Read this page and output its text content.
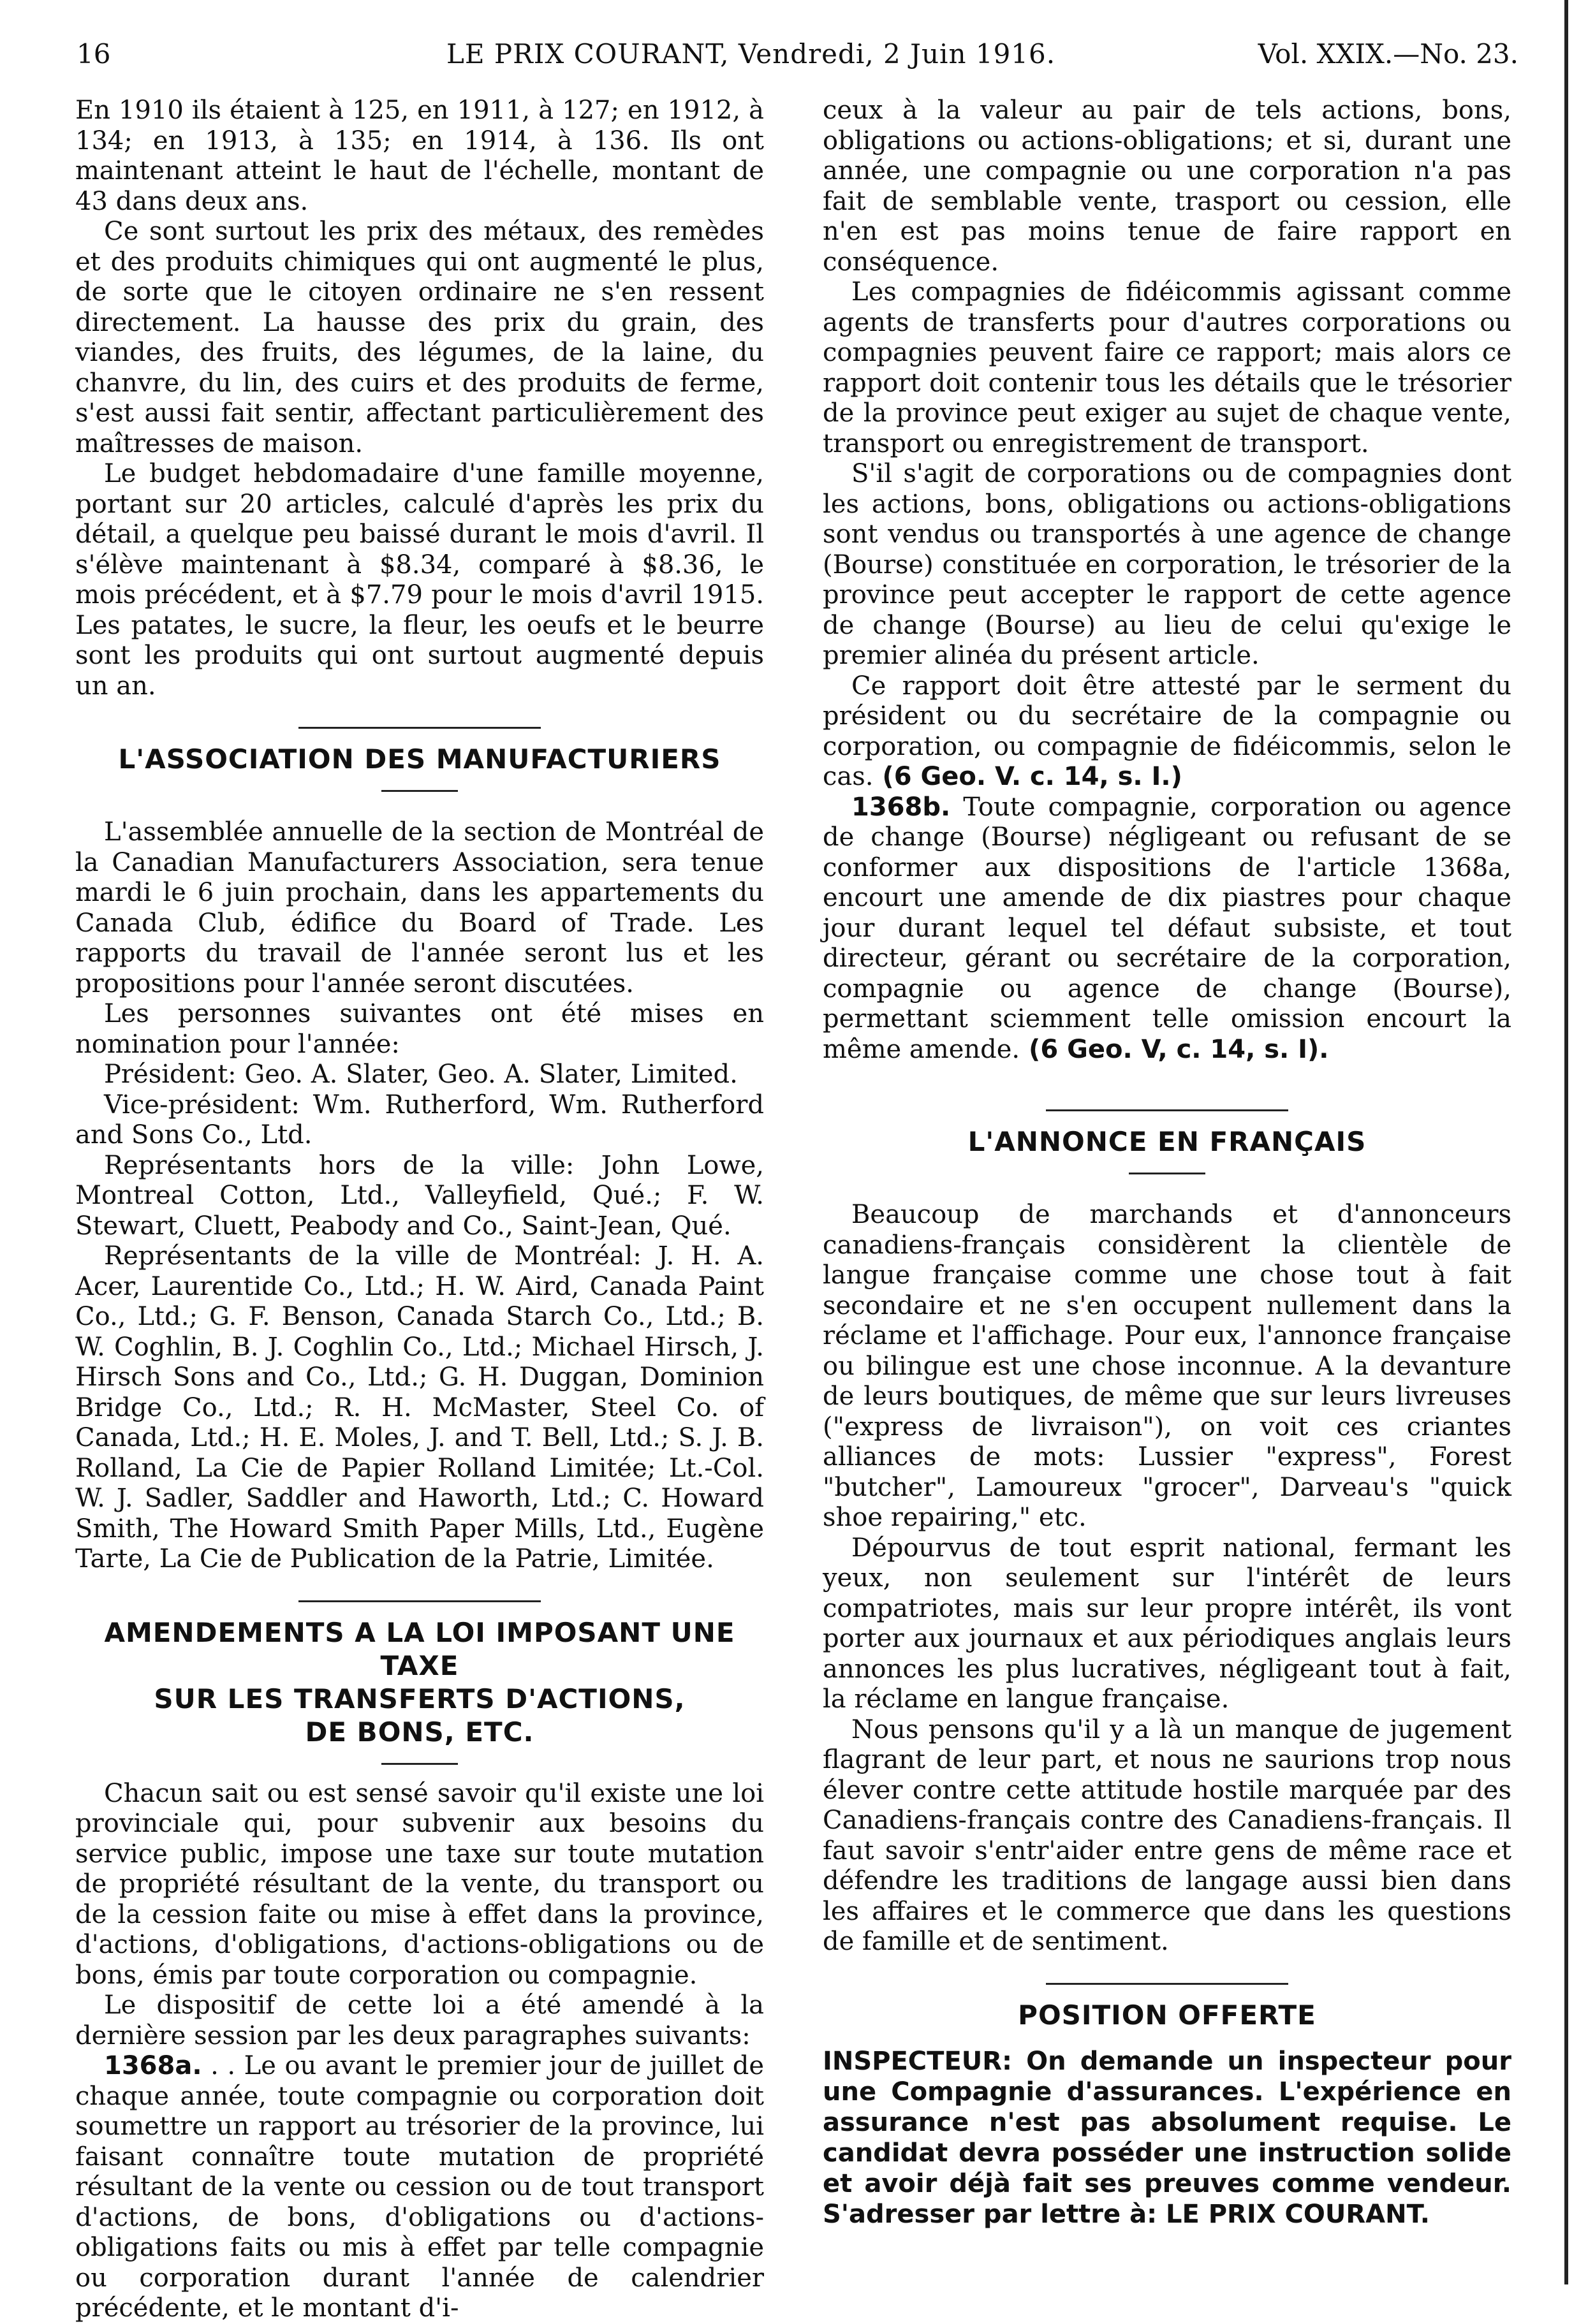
16	LE PRIX COURANT, Vendredi, 2 Juin 1916.	Vol. XXIX.—No. 23.

En 1910 ils étaient à 125, en 1911, à 127; en 1912, à 134; en 1913, à 135; en 1914, à 136. Ils ont maintenant atteint le haut de l'échelle, montant de 43 dans deux ans.

Ce sont surtout les prix des métaux, des remèdes et des produits chimiques qui ont augmenté le plus, de sorte que le citoyen ordinaire ne s'en ressent directement. La hausse des prix du grain, des viandes, des fruits, des légumes, de la laine, du chanvre, du lin, des cuirs et des produits de ferme, s'est aussi fait sentir, affectant particulièrement des maîtresses de maison.

Le budget hebdomadaire d'une famille moyenne, portant sur 20 articles, calculé d'après les prix du détail, a quelque peu baissé durant le mois d'avril. Il s'élève maintenant à $8.34, comparé à $8.36, le mois précédent, et à $7.79 pour le mois d'avril 1915. Les patates, le sucre, la fleur, les oeufs et le beurre sont les produits qui ont surtout augmenté depuis un an.

L'ASSOCIATION DES MANUFACTURIERS

L'assemblée annuelle de la section de Montréal de la Canadian Manufacturers Association, sera tenue mardi le 6 juin prochain, dans les appartements du Canada Club, édifice du Board of Trade. Les rapports du travail de l'année seront lus et les propositions pour l'année seront discutées.

Les personnes suivantes ont été mises en nomination pour l'année:

Président: Geo. A. Slater, Geo. A. Slater, Limited.

Vice-président: Wm. Rutherford, Wm. Rutherford and Sons Co., Ltd.

Représentants hors de la ville: John Lowe, Montreal Cotton, Ltd., Valleyfield, Qué.; F. W. Stewart, Cluett, Peabody and Co., Saint-Jean, Qué.

Représentants de la ville de Montréal: J. H. A. Acer, Laurentide Co., Ltd.; H. W. Aird, Canada Paint Co., Ltd.; G. F. Benson, Canada Starch Co., Ltd.; B. W. Coghlin, B. J. Coghlin Co., Ltd.; Michael Hirsch, J. Hirsch Sons and Co., Ltd.; G. H. Duggan, Dominion Bridge Co., Ltd.; R. H. McMaster, Steel Co. of Canada, Ltd.; H. E. Moles, J. and T. Bell, Ltd.; S. J. B. Rolland, La Cie de Papier Rolland Limitée; Lt.-Col. W. J. Sadler, Saddler and Haworth, Ltd.; C. Howard Smith, The Howard Smith Paper Mills, Ltd., Eugène Tarte, La Cie de Publication de la Patrie, Limitée.

AMENDEMENTS A LA LOI IMPOSANT UNE TAXE

SUR LES TRANSFERTS D'ACTIONS,

DE BONS, ETC.

Chacun sait ou est sensé savoir qu'il existe une loi provinciale qui, pour subvenir aux besoins du service public, impose une taxe sur toute mutation de propriété résultant de la vente, du transport ou de la cession faite ou mise à effet dans la province, d'actions, d'obligations, d'actions-obligations ou de bons, émis par toute corporation ou compagnie.

Le dispositif de cette loi a été amendé à la dernière session par les deux paragraphes suivants:

1368a. . . Le ou avant le premier jour de juillet de chaque année, toute compagnie ou corporation doit soumettre un rapport au trésorier de la province, lui faisant connaître toute mutation de propriété résultant de la vente ou cession ou de tout transport d'actions, de bons, d'obligations ou d'actions-obligations faits ou mis à effet par telle compagnie ou corporation durant l'année de calendrier précédente, et le montant d'i-

ceux à la valeur au pair de tels actions, bons, obligations ou actions-obligations; et si, durant une année, une compagnie ou une corporation n'a pas fait de semblable vente, trasport ou cession, elle n'en est pas moins tenue de faire rapport en conséquence.

Les compagnies de fidéicommis agissant comme agents de transferts pour d'autres corporations ou compagnies peuvent faire ce rapport; mais alors ce rapport doit contenir tous les détails que le trésorier de la province peut exiger au sujet de chaque vente, transport ou enregistrement de transport.

S'il s'agit de corporations ou de compagnies dont les actions, bons, obligations ou actions-obligations sont vendus ou transportés à une agence de change (Bourse) constituée en corporation, le trésorier de la province peut accepter le rapport de cette agence de change (Bourse) au lieu de celui qu'exige le premier alinéa du présent article.

Ce rapport doit être attesté par le serment du président ou du secrétaire de la compagnie ou corporation, ou compagnie de fidéicommis, selon le cas. (6 Geo. V. c. 14, s. I.)

1368b. Toute compagnie, corporation ou agence de change (Bourse) négligeant ou refusant de se conformer aux dispositions de l'article 1368a, encourt une amende de dix piastres pour chaque jour durant lequel tel défaut subsiste, et tout directeur, gérant ou secrétaire de la corporation, compagnie ou agence de change (Bourse), permettant sciemment telle omission encourt la même amende. (6 Geo. V, c. 14, s. I).

L'ANNONCE EN FRANÇAIS

Beaucoup de marchands et d'annonceurs canadiens-français considèrent la clientèle de langue française comme une chose tout à fait secondaire et ne s'en occupent nullement dans la réclame et l'affichage. Pour eux, l'annonce française ou bilingue est une chose inconnue. A la devanture de leurs boutiques, de même que sur leurs livreuses ("express de livraison"), on voit ces criantes alliances de mots: Lussier "express", Forest "butcher", Lamoureux "grocer", Darveau's "quick shoe repairing," etc.

Dépourvus de tout esprit national, fermant les yeux, non seulement sur l'intérêt de leurs compatriotes, mais sur leur propre intérêt, ils vont porter aux journaux et aux périodiques anglais leurs annonces les plus lucratives, négligeant tout à fait, la réclame en langue française.

Nous pensons qu'il y a là un manque de jugement flagrant de leur part, et nous ne saurions trop nous élever contre cette attitude hostile marquée par des Canadiens-français contre des Canadiens-français. Il faut savoir s'entr'aider entre gens de même race et défendre les traditions de langage aussi bien dans les affaires et le commerce que dans les questions de famille et de sentiment.

POSITION OFFERTE

INSPECTEUR: On demande un inspecteur pour une Compagnie d'assurances. L'expérience en assurance n'est pas absolument requise. Le candidat devra posséder une instruction solide et avoir déjà fait ses preuves comme vendeur. S'adresser par lettre à: LE PRIX COURANT.
